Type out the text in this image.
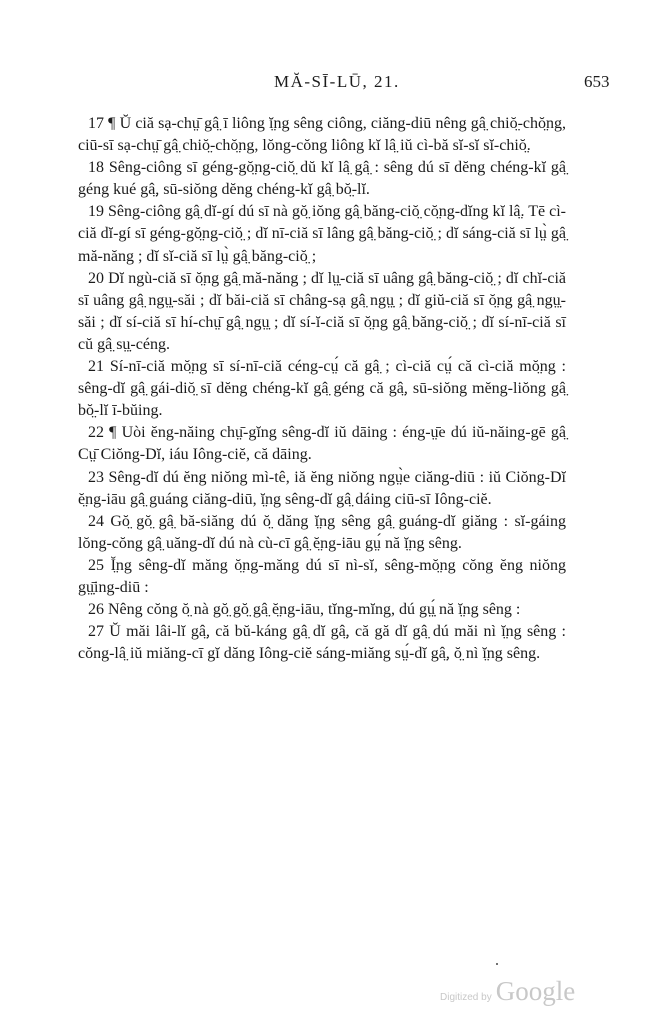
MĂ-SĪ-LŪ, 21.	653
17 ¶ Ŭ ciă sạ-chṳ̄ gâ̤ ī liông ĭ̤ng sêng ciông, ciăng-diū nêng gâ̤ chiŏ̤-chŏ̤ng, ciū-sī sạ-chṳ̄ gâ̤ chiŏ̤-chŏ̤ng, lŏng-cŏng liông kĭ lâ̤ iŭ cì-bă sĭ-sĭ sĭ-chiŏ̤.
18 Sêng-ciông sī géng-gŏ̤ng-ciŏ̤ dŭ kĭ lâ̤ gâ̤ : sêng dú sī dĕng chéng-kĭ gâ̤ géng kué gâ̤, sū-siŏng dĕng chéng-kĭ gâ̤ bŏ̤-lĭ.
19 Sêng-ciông gâ̤ dĭ-gí dú sī nà gŏ̤ iŏng gâ̤ băng-ciŏ̤ cŏ̤ng-dĭng kĭ lâ̤. Tē cì-ciă dĭ-gí sī géng-gŏ̤ng-ciŏ̤ ; dĭ nī-ciă sī lâng gâ̤ băng-ciŏ̤ ; dĭ sáng-ciă sī lṳ̀ gâ̤ mă-năng ; dĭ sĭ-ciă sī lṳ̀ gâ̤ băng-ciŏ̤ ;
20 Dĭ ngù-ciă sī ŏ̤ng gâ̤ mă-năng ; dĭ lṳ̣-ciă sī uâng gâ̤ băng-ciŏ̤ ; dĭ chĭ-ciă sī uâng gâ̤ ngṳ̣-săi ; dĭ băi-ciă sī châng-sạ gâ̤ ngṳ̣ ; dĭ giŭ-ciă sī ŏ̤ng gâ̤ ngṳ̣-săi ; dĭ sí-ciă sī hí-chṳ̄ gâ̤ ngṳ̣ ; dĭ sí-ĭ-ciă sī ŏ̤ng gâ̤ băng-ciŏ̤ ; dĭ sí-nī-ciă sī cŭ gâ̤ sṳ̣-céng.
21 Sí-nī-ciă mŏ̤ng sī sí-nī-ciă céng-cṳ́ că gâ̤ ; cì-ciă cṳ́ că cì-ciă mŏ̤ng : sêng-dĭ gâ̤ gái-diŏ̤ sī dĕng chéng-kĭ gâ̤ géng că gâ̤, sū-siŏng mĕng-liŏng gâ̤ bŏ̤-lĭ ī-bŭing.
22 ¶ Uòi ĕng-năing chṳ̄-gĭng sêng-dĭ iŭ dāing : éng-ṳ̄e dú iŭ-năing-gē gâ̤ Cṳ̄ Ciŏng-Dĭ, iáu Iông-ciĕ, că dāing.
23 Sêng-dĭ dú ĕng niŏng mì-tê, iă ĕng niŏng ngṳ̀e ciăng-diū : iŭ Ciŏng-Dĭ ĕ̤ng-iāu gâ̤ guáng ciăng-diū, ĭ̤ng sêng-dĭ gâ̤ dáing ciū-sī Iông-ciĕ.
24 Gŏ̤ gŏ̤ gâ̤ bă-siăng dú ŏ̤ dăng ĭ̤ng sêng gâ̤ guáng-dĭ giăng : sĭ-gáing lŏng-cŏng gâ̤ uăng-dĭ dú nà cù-cī gâ̤ ĕ̤ng-iāu gṳ́ nă ĭ̤ng sêng.
25 Ĭ̤ng sêng-dĭ măng ŏ̤ng-măng dú sī nì-sĭ, sêng-mŏ̤ng cŏng ĕng niŏng gṳ̣̄ing-diū :
26 Nêng cŏng ŏ̤ nà gŏ̤ gŏ̤ gâ̤ ĕ̤ng-iāu, tĭng-mĭng, dú gṳ̣́ nă ĭ̤ng sêng :
27 Ŭ măi lâi-lĭ gâ̤, că bŭ-káng gâ̤ dĭ gâ̤, că gă dĭ gâ̤ dú măi nì ĭ̤ng sêng : cŏng-lâ̤ iŭ miăng-cī gĭ dăng Iông-ciĕ sáng-miăng sṳ́-dĭ gâ̤, ŏ̤ nì ĭ̤ng sêng.
Digitized by Google
